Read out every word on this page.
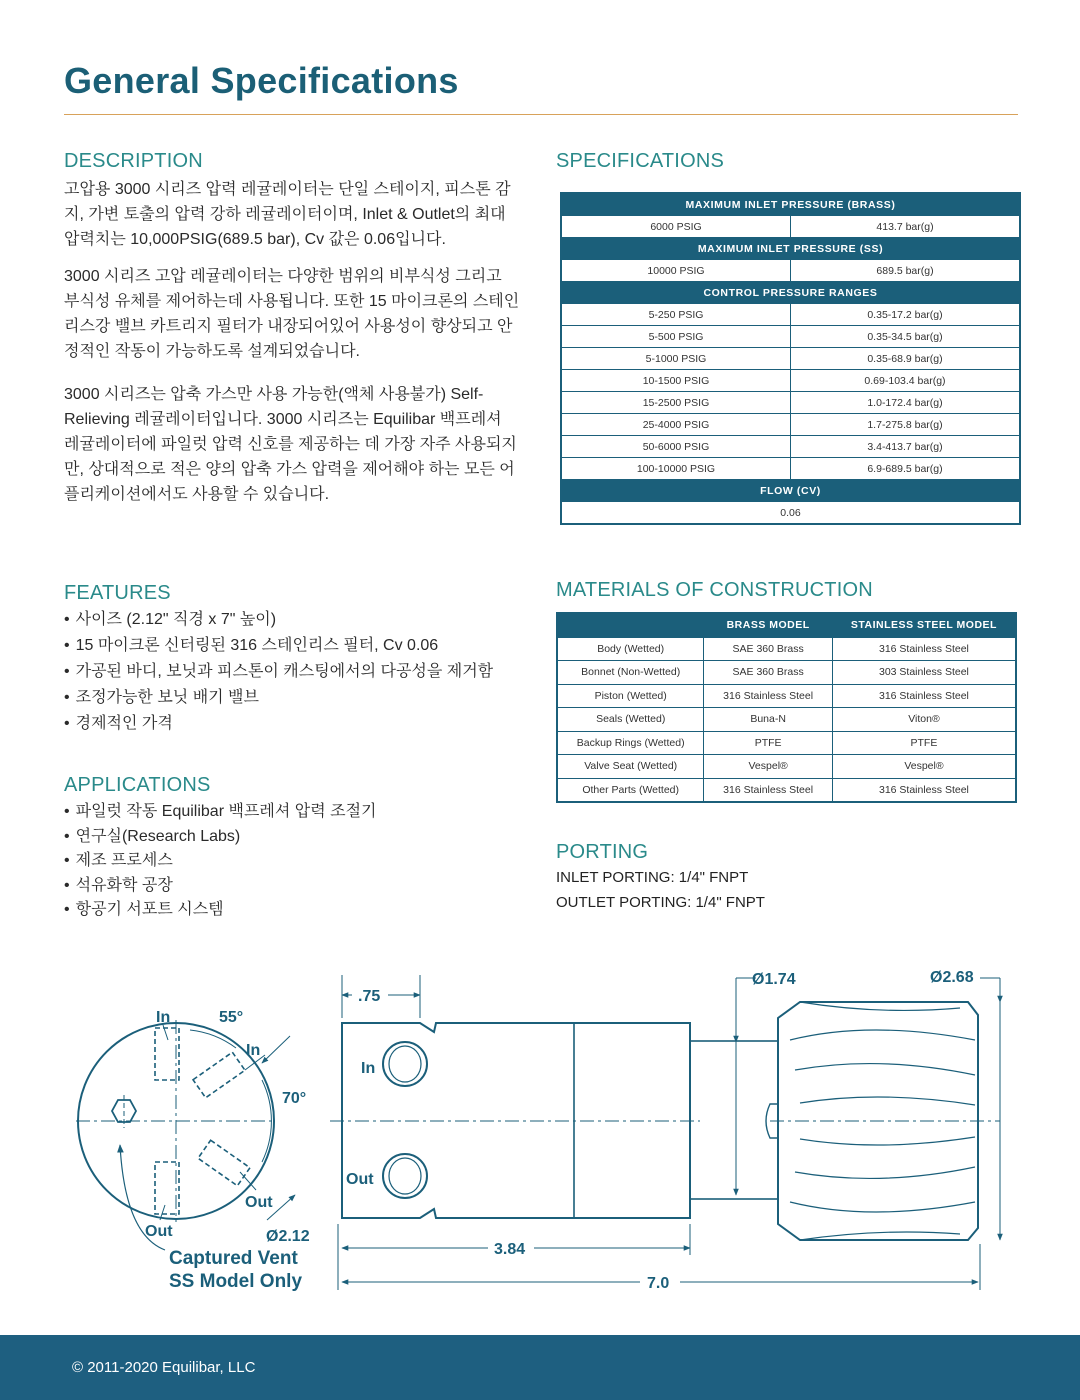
General Specifications
DESCRIPTION

고압용 3000 시리즈 압력 레귤레이터는 단일 스테이지, 피스톤 감지, 가변 토출의 압력 강하 레귤레이터이며, Inlet & Outlet의 최대 압력치는 10,000PSIG(689.5 bar), Cv 값은 0.06입니다.

3000 시리즈 고압 레귤레이터는 다양한 범위의 비부식성 그리고 부식성 유체를 제어하는데 사용됩니다. 또한 15 마이크론의 스테인리스강 밸브 카트리지 필터가 내장되어있어 사용성이 향상되고 안정적인 작동이 가능하도록 설계되었습니다.

3000 시리즈는 압축 가스만 사용 가능한(액체 사용불가) Self-Relieving 레귤레이터입니다. 3000 시리즈는 Equilibar 백프레셔 레귤레이터에 파일럿 압력 신호를 제공하는 데 가장 자주 사용되지만, 상대적으로 적은 양의 압축 가스 압력을 제어해야 하는 모든 어플리케이션에서도 사용할 수 있습니다.

FEATURES
• 사이즈 (2.12" 직경 x 7" 높이)
• 15 마이크론 신터링된 316 스테인리스 필터, Cv 0.06
• 가공된 바디, 보닛과 피스톤이 캐스팅에서의 다공성을 제거함
• 조정가능한 보닛 배기 밸브
• 경제적인 가격
APPLICATIONS
• 파일럿 작동 Equilibar 백프레셔 압력 조절기
• 연구실(Research Labs)
• 제조 프로세스
• 석유화학 공장
• 항공기 서포트 시스템
SPECIFICATIONS
MAXIMUM INLET PRESSURE (BRASS)	
6000 PSIG	413.7 bar(g)
MAXIMUM INLET PRESSURE (SS)	
10000 PSIG	689.5 bar(g)
CONTROL PRESSURE RANGES	
5-250 PSIG	0.35-17.2 bar(g)
5-500 PSIG	0.35-34.5 bar(g)
5-1000 PSIG	0.35-68.9 bar(g)
10-1500 PSIG	0.69-103.4 bar(g)
15-2500 PSIG	1.0-172.4 bar(g)
25-4000 PSIG	1.7-275.8 bar(g)
50-6000 PSIG	3.4-413.7 bar(g)
100-10000 PSIG	6.9-689.5 bar(g)
FLOW (CV)	
0.06	
MATERIALS OF CONSTRUCTION
	BRASS MODEL	STAINLESS STEEL MODEL
Body (Wetted)	SAE 360 Brass	316 Stainless Steel
Bonnet (Non-Wetted)	SAE 360 Brass	303 Stainless Steel
Piston (Wetted)	316 Stainless Steel	316 Stainless Steel
Seals (Wetted)	Buna-N	Viton®
Backup Rings (Wetted)	PTFE	PTFE
Valve Seat (Wetted)	Vespel®	Vespel®
Other Parts (Wetted)	316 Stainless Steel	316 Stainless Steel
PORTING

INLET PORTING: 1/4" FNPT

OUTLET PORTING: 1/4" FNPT

In	55°
In
70°
Out
Out	Ø2.12
Captured Vent
SS Model Only
.75
In
Out
3.84
7.0
Ø1.74	Ø2.68

© 2011-2020 Equilibar, LLC
